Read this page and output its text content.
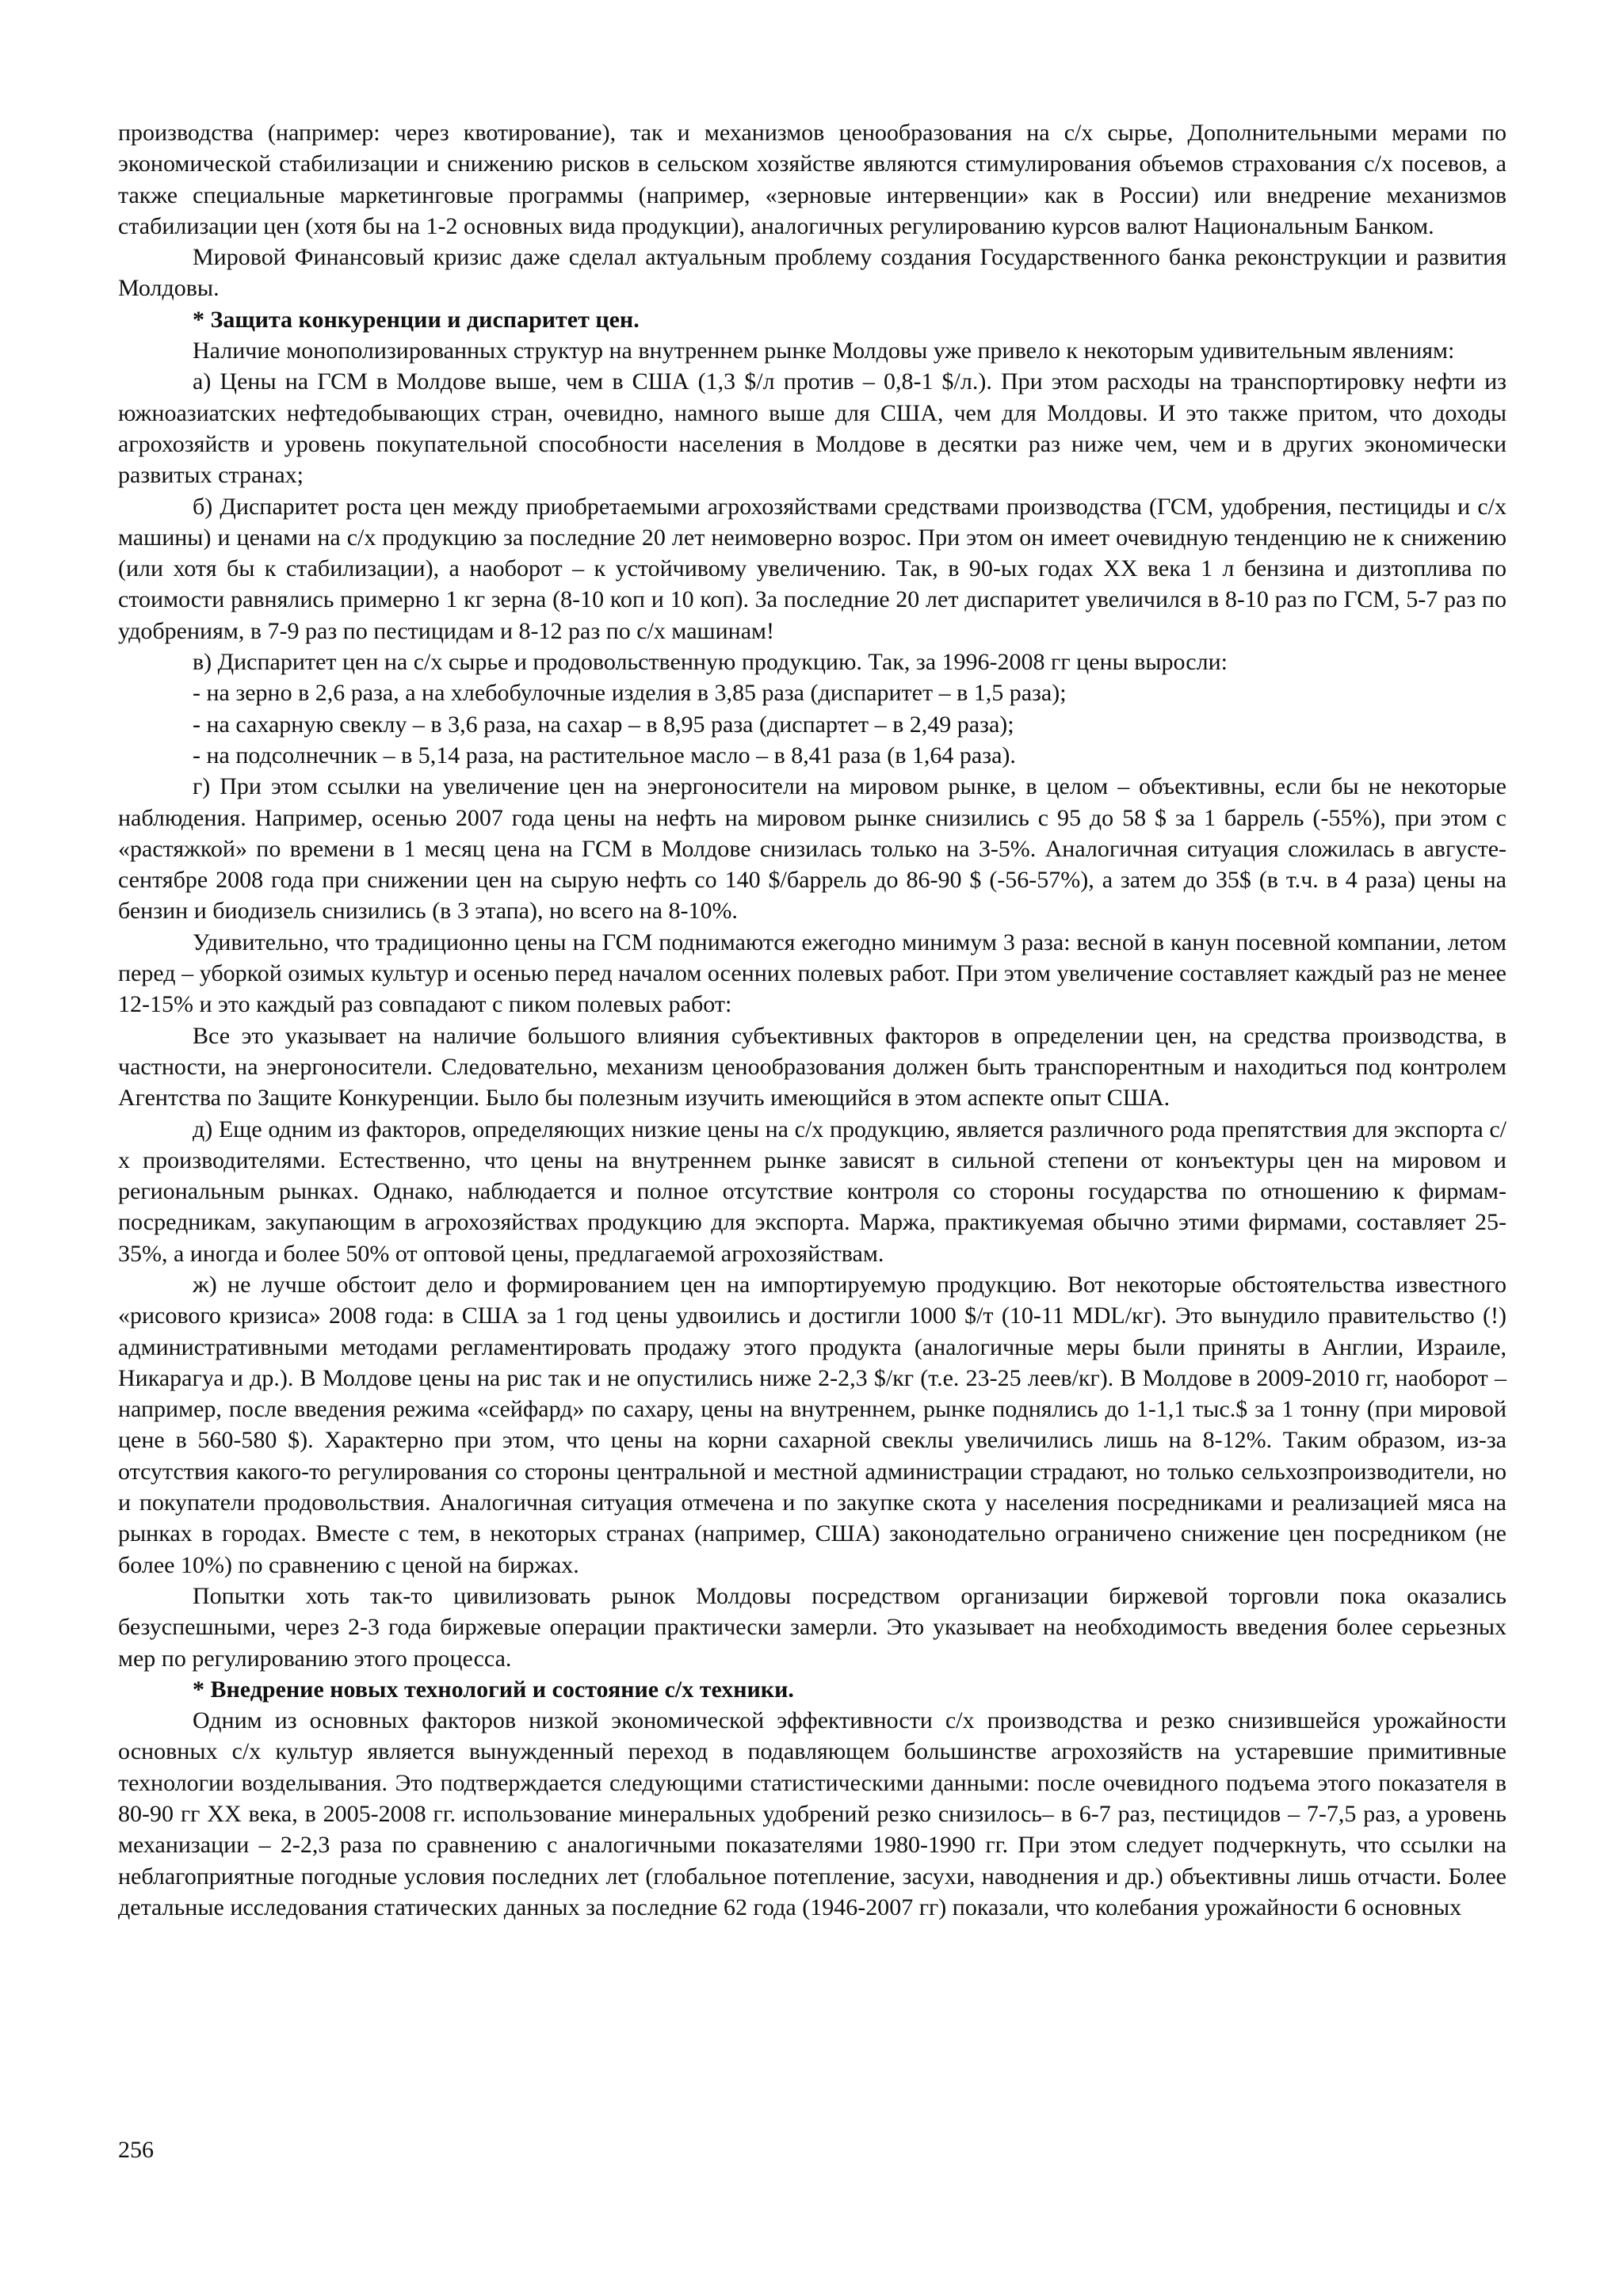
производства (например: через квотирование), так и механизмов ценообразования на с/х сырье, Дополнительными мерами по экономической стабилизации и снижению рисков в сельском хозяйстве являются стимулирования объемов страхования с/х посевов, а также специальные маркетинговые программы (например, «зерновые интервенции» как в России) или внедрение механизмов стабилизации цен (хотя бы на 1-2 основных вида продукции), аналогичных регулированию курсов валют Национальным Банком.

Мировой Финансовый кризис даже сделал актуальным проблему создания Государственного банка реконструкции и развития Молдовы.

* Защита конкуренции и диспаритет цен.

Наличие монополизированных структур на внутреннем рынке Молдовы уже привело к некоторым удивительным явлениям:

а) Цены на ГСМ в Молдове выше, чем в США (1,3 $/л против – 0,8-1 $/л.). При этом расходы на транспортировку нефти из южноазиатских нефтедобывающих стран, очевидно, намного выше для США, чем для Молдовы. И это также притом, что доходы агрохозяйств и уровень покупательной способности населения в Молдове в десятки раз ниже чем, чем и в других экономически развитых странах;

б) Диспаритет роста цен между приобретаемыми агрохозяйствами средствами производства (ГСМ, удобрения, пестициды и с/х машины) и ценами на с/х продукцию за последние 20 лет неимоверно возрос. При этом он имеет очевидную тенденцию не к снижению (или хотя бы к стабилизации), а наоборот – к устойчивому увеличению. Так, в 90-ых годах XX века 1 л бензина и дизтоплива по стоимости равнялись примерно 1 кг зерна (8-10 коп и 10 коп). За последние 20 лет диспаритет увеличился в 8-10 раз по ГСМ, 5-7 раз по удобрениям, в 7-9 раз по пестицидам и 8-12 раз по с/х машинам!

в) Диспаритет цен на с/х сырье и продовольственную продукцию. Так, за 1996-2008 гг цены выросли:

- на зерно в 2,6 раза, а на хлебобулочные изделия в 3,85 раза (диспаритет – в 1,5 раза);

- на сахарную свеклу – в 3,6 раза, на сахар – в 8,95 раза (диспартет – в 2,49 раза);

- на подсолнечник – в 5,14 раза, на растительное масло – в 8,41 раза (в 1,64 раза).

г) При этом ссылки на увеличение цен на энергоносители на мировом рынке, в целом – объективны, если бы не некоторые наблюдения. Например, осенью 2007 года цены на нефть на мировом рынке снизились с 95 до 58 $ за 1 баррель (-55%), при этом с «растяжкой» по времени в 1 месяц цена на ГСМ в Молдове снизилась только на 3-5%. Аналогичная ситуация сложилась в августе-сентябре 2008 года при снижении цен на сырую нефть со 140 $/баррель до 86-90 $ (-56-57%), а затем до 35$ (в т.ч. в 4 раза) цены на бензин и биодизель снизились (в 3 этапа), но всего на 8-10%.

Удивительно, что традиционно цены на ГСМ поднимаются ежегодно минимум 3 раза: весной в канун посевной компании, летом перед – уборкой озимых культур и осенью перед началом осенних полевых работ. При этом увеличение составляет каждый раз не менее 12-15% и это каждый раз совпадают с пиком полевых работ:

Все это указывает на наличие большого влияния субъективных факторов в определении цен, на средства производства, в частности, на энергоносители. Следовательно, механизм ценообразования должен быть транспорентным и находиться под контролем Агентства по Защите Конкуренции. Было бы полезным изучить имеющийся в этом аспекте опыт США.

д) Еще одним из факторов, определяющих низкие цены на с/х продукцию, является различного рода препятствия для экспорта с/х производителями. Естественно, что цены на внутреннем рынке зависят в сильной степени от конъектуры цен на мировом и региональным рынках. Однако, наблюдается и полное отсутствие контроля со стороны государства по отношению к фирмам-посредникам, закупающим в агрохозяйствах продукцию для экспорта. Маржа, практикуемая обычно этими фирмами, составляет 25-35%, а иногда и более 50% от оптовой цены, предлагаемой агрохозяйствам.

ж) не лучше обстоит дело и формированием цен на импортируемую продукцию. Вот некоторые обстоятельства известного «рисового кризиса» 2008 года: в США за 1 год цены удвоились и достигли 1000 $/т (10-11 MDL/кг). Это вынудило правительство (!) административными методами регламентировать продажу этого продукта (аналогичные меры были приняты в Англии, Израиле, Никарагуа и др.). В Молдове цены на рис так и не опустились ниже 2-2,3 $/кг (т.е. 23-25 леев/кг). В Молдове в 2009-2010 гг, наоборот – например, после введения режима «сейфард» по сахару, цены на внутреннем, рынке поднялись до 1-1,1 тыс.$ за 1 тонну (при мировой цене в 560-580 $). Характерно при этом, что цены на корни сахарной свеклы увеличились лишь на 8-12%. Таким образом, из-за отсутствия какого-то регулирования со стороны центральной и местной администрации страдают, но только сельхозпроизводители, но и покупатели продовольствия. Аналогичная ситуация отмечена и по закупке скота у населения посредниками и реализацией мяса на рынках в городах. Вместе с тем, в некоторых странах (например, США) законодательно ограничено снижение цен посредником (не более 10%) по сравнению с ценой на биржах.

Попытки хоть так-то цивилизовать рынок Молдовы посредством организации биржевой торговли пока оказались безуспешными, через 2-3 года биржевые операции практически замерли. Это указывает на необходимость введения более серьезных мер по регулированию этого процесса.

* Внедрение новых технологий и состояние с/х техники.

Одним из основных факторов низкой экономической эффективности с/х производства и резко снизившейся урожайности основных с/х культур является вынужденный переход в подавляющем большинстве агрохозяйств на устаревшие примитивные технологии возделывания. Это подтверждается следующими статистическими данными: после очевидного подъема этого показателя в 80-90 гг XX века, в 2005-2008 гг. использование минеральных удобрений резко снизилось– в 6-7 раз, пестицидов – 7-7,5 раз, а уровень механизации – 2-2,3 раза по сравнению с аналогичными показателями 1980-1990 гг. При этом следует подчеркнуть, что ссылки на неблагоприятные погодные условия последних лет (глобальное потепление, засухи, наводнения и др.) объективны лишь отчасти. Более детальные исследования статических данных за последние 62 года (1946-2007 гг) показали, что колебания урожайности 6 основных

256
